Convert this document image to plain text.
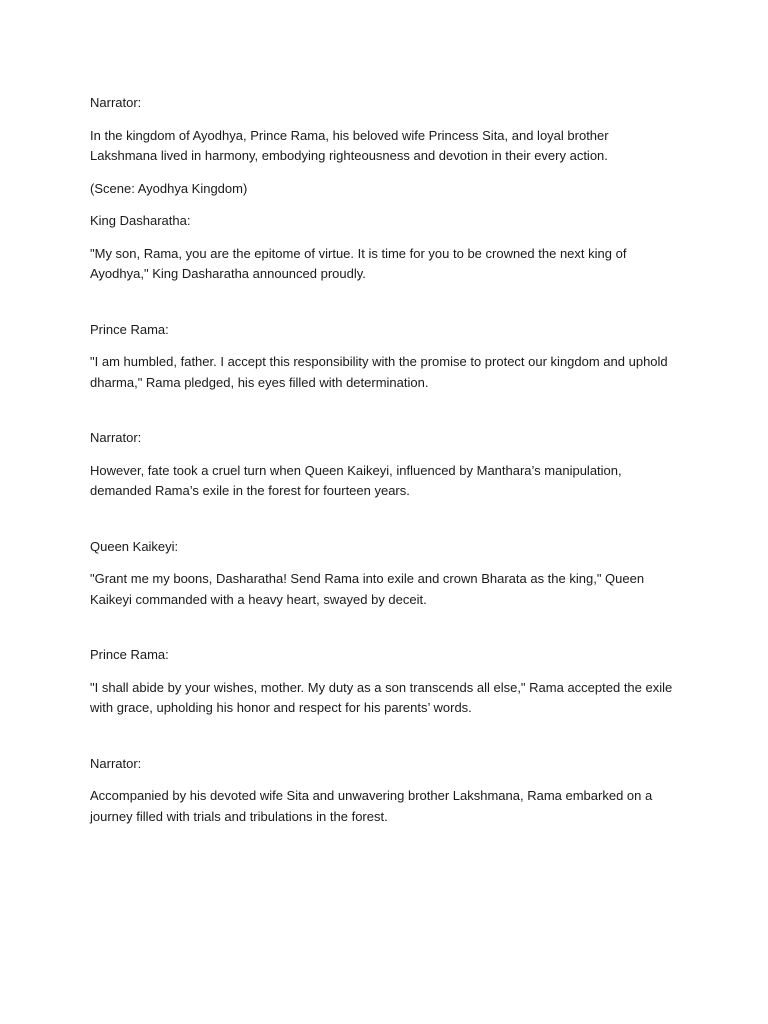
Narrator:

In the kingdom of Ayodhya, Prince Rama, his beloved wife Princess Sita, and loyal brother Lakshmana lived in harmony, embodying righteousness and devotion in their every action.

(Scene: Ayodhya Kingdom)

King Dasharatha:

"My son, Rama, you are the epitome of virtue. It is time for you to be crowned the next king of Ayodhya," King Dasharatha announced proudly.

Prince Rama:

"I am humbled, father. I accept this responsibility with the promise to protect our kingdom and uphold dharma," Rama pledged, his eyes filled with determination.

Narrator:

However, fate took a cruel turn when Queen Kaikeyi, influenced by Manthara’s manipulation, demanded Rama’s exile in the forest for fourteen years.

Queen Kaikeyi:

"Grant me my boons, Dasharatha! Send Rama into exile and crown Bharata as the king," Queen Kaikeyi commanded with a heavy heart, swayed by deceit.

Prince Rama:

"I shall abide by your wishes, mother. My duty as a son transcends all else," Rama accepted the exile with grace, upholding his honor and respect for his parents’ words.

Narrator:

Accompanied by his devoted wife Sita and unwavering brother Lakshmana, Rama embarked on a journey filled with trials and tribulations in the forest.
